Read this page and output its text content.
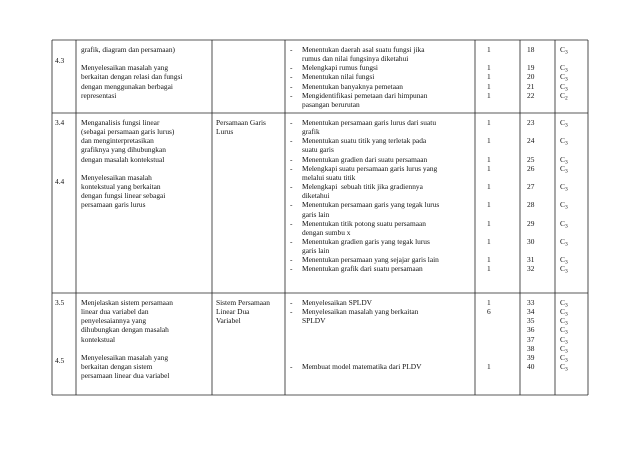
4.3
grafik, diagram dan persamaan)
Menyelesaikan masalah yang
berkaitan dengan relasi dan fungsi
dengan menggunakan berbagai
representasi
- Menentukan daerah asal suatu fungsi jika
rumus dan nilai fungsinya diketahui
- Melengkapi rumus fungsi
- Menentukan nilai fungsi
- Menentukan banyaknya pemetaan
- Mengidentifikasi pemetaan dari himpunan
pasangan berurutan
1
1
1
1
1
18
19
20
21
22
$C_3$
$C_3$
$C_3$
$C_3$
$C_2$
3.4
4.4
Menganalisis fungsi linear
(sebagai persamaan garis lurus)
dan menginterpretasikan
grafiknya yang dihubungkan
dengan masalah kontekstual
Menyelesaikan masalah
kontekstual yang berkaitan
dengan fungsi linear sebagai
persamaan garis lurus
Persamaan Garis
Lurus
- Menentukan persamaan garis lurus dari suatu
grafik
- Menentukan suatu titik yang terletak pada
suatu garis
- Menentukan gradien dari suatu persamaan
- Melengkapi suatu persamaan garis lurus yang
melalui suatu titik
- Melengkapi  sebuah titik jika gradiennya
diketahui
- Menentukan persamaan garis yang tegak lurus
garis lain
- Menentukan titik potong suatu persamaan
dengan sumbu x
- Menentukan gradien garis yang tegak lurus
garis lain
- Menentukan persamaan yang sejajar garis lain
- Menentukan grafik dari suatu persamaan
1
1
1
1
1
1
1
1
1
1
23
24
25
26
27
28
29
30
31
32
$C_3$
$C_3$
$C_3$
$C_3$
$C_3$
$C_3$
$C_3$
$C_3$
$C_3$
$C_3$
3.5
4.5
Menjelaskan sistem persamaan
linear dua variabel dan
penyelesaiannya yang
dihubungkan dengan masalah
kontekstual
Menyelesaikan masalah yang
berkaitan dengan sistem
persamaan linear dua variabel
Sistem Persamaan
Linear Dua
Variabel
- Menyelesaikan SPLDV
- Menyelesaikan masalah yang berkaitan
SPLDV
- Membuat model matematika dari PLDV
1
6
1
33
34
35
36
37
38
39
40
$C_3$
$C_3$
$C_3$
$C_3$
$C_3$
$C_3$
$C_3$
$C_3$
